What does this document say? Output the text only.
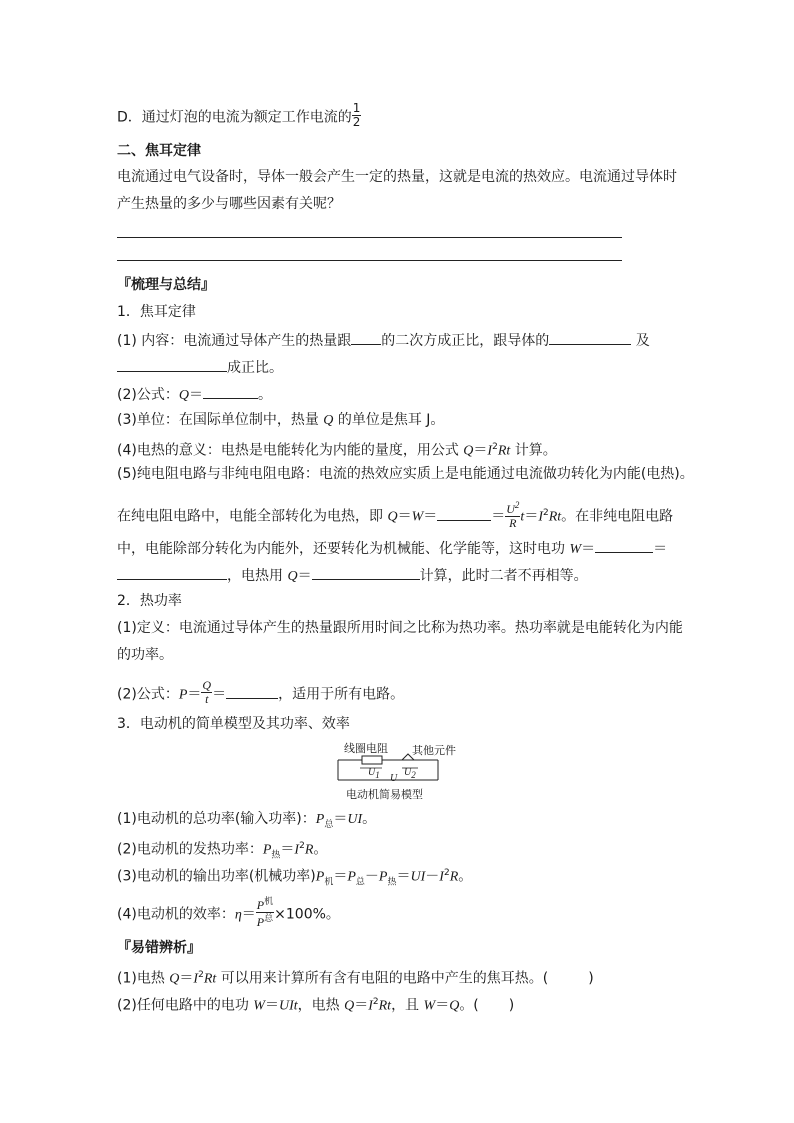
D．通过灯泡的电流为额定工作电流的 $\frac{1}{2}$
二、焦耳定律
电流通过电气设备时，导体一般会产生一定的热量，这就是电流的热效应。电流通过导体时
产生热量的多少与哪些因素有关呢？
『梳理与总结』
1．焦耳定律
(1) 内容：电流通过导体产生的热量跟 的二次方成正比，跟导体的	及
成正比。
(2)公式：Q＝	。
(3)单位：在国际单位制中，热量 Q 的单位是焦耳 J。
(4)电热的意义：电热是电能转化为内能的量度，用公式 $Q=I^2Rt$ 计算。
(5)纯电阻电路与非纯电阻电路：电流的热效应实质上是电能通过电流做功转化为内能(电热)。
在纯电阻电路中，电能全部转化为电热，即 Q＝W＝	＝ $\frac{U^2}{R} t=I^2Rt$。在非纯电阻电路
中，电能除部分转化为内能外，还要转化为机械能、化学能等，这时电功 W＝	＝
，电热用 Q＝	计算，此时二者不再相等。
2．热功率
(1)定义：电流通过导体产生的热量跟所用时间之比称为热功率。热功率就是电能转化为内能
的功率。
(2)公式：$P= \frac{Q}{t}$ ＝	，适用于所有电路。
3．电动机的简单模型及其功率、效率
线圈电阻 其他元件
U1 U
U2
电动机简易模型
(1)电动机的总功率(输入功率)：$P_总=UI$。
(2)电动机的发热功率：$P_热=I^2R$。
(3)电动机的输出功率(机械功率)$P_机=P_总-P_热=UI-I^2R$。
(4)电动机的效率：$\eta= \frac{P^机}{P^总} \times 100\%$。
『易错辨析』
(1)电热 $Q=I^2Rt$ 可以用来计算所有含有电阻的电路中产生的焦耳热。(	)
(2)任何电路中的电功 W＝UIt，电热 $Q=I^2Rt$，且 W＝Q。( )
